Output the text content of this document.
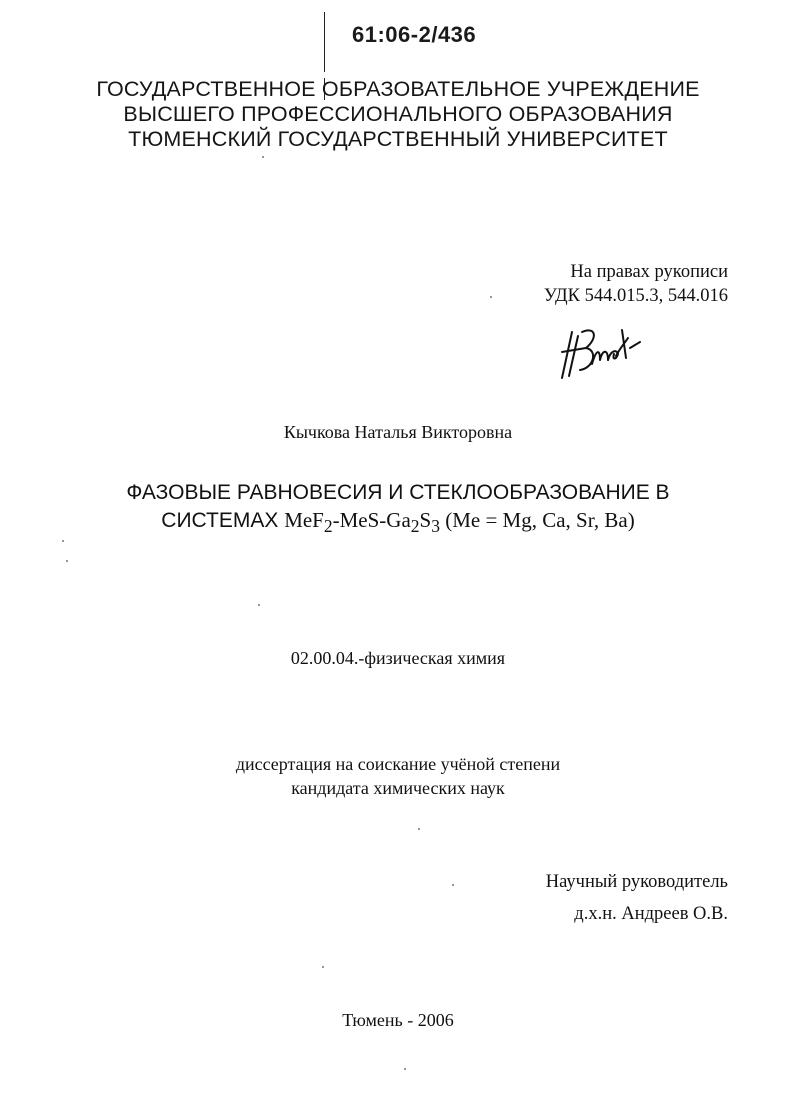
61:06-2/436
ГОСУДАРСТВЕННОЕ ОБРАЗОВАТЕЛЬНОЕ УЧРЕЖДЕНИЕ
ВЫСШЕГО ПРОФЕССИОНАЛЬНОГО ОБРАЗОВАНИЯ
ТЮМЕНСКИЙ ГОСУДАРСТВЕННЫЙ УНИВЕРСИТЕТ
На правах рукописи
УДК 544.015.3, 544.016
Кычкова Наталья Викторовна
ФАЗОВЫЕ РАВНОВЕСИЯ И СТЕКЛООБРАЗОВАНИЕ В
СИСТЕМАХ $MeF_2-MeS-Ga_2S_3$ (Me = Mg, Ca, Sr, Ba)
02.00.04.-физическая химия
диссертация на соискание учёной степени
кандидата химических наук
Научный руководитель
д.х.н. Андреев О.В.
Тюмень - 2006
